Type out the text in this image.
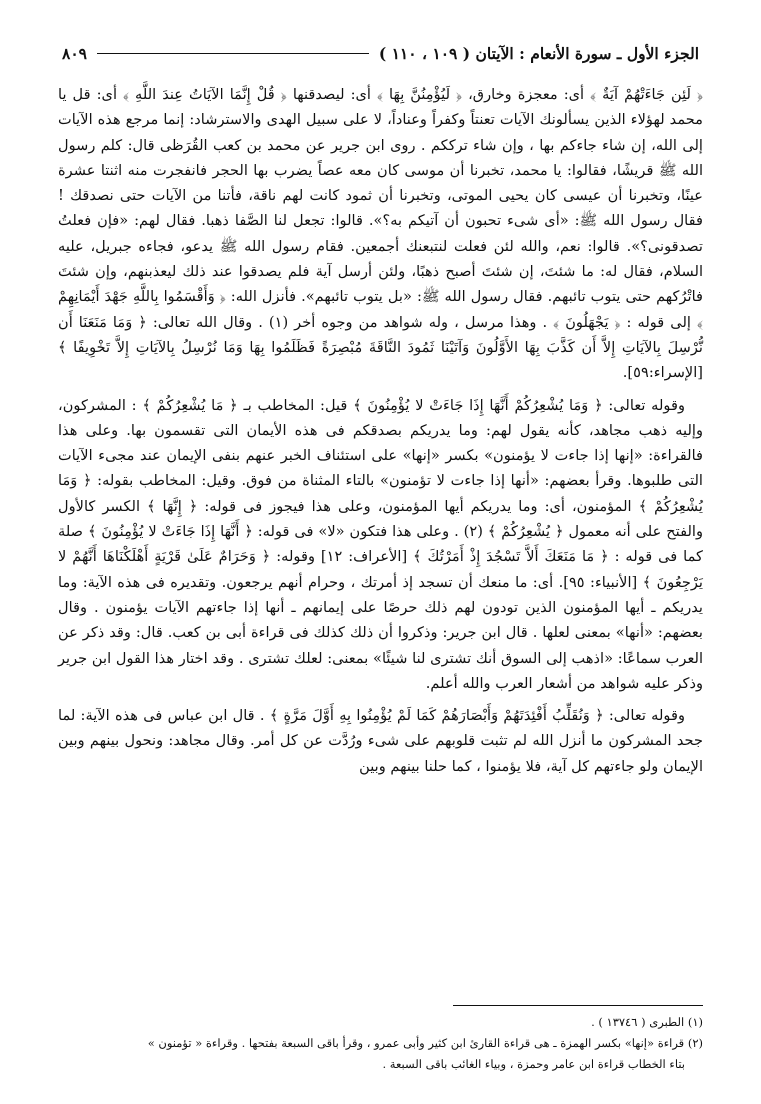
الجزء الأول ـ سورة الأنعام : الآيتان ( ١٠٩ ، ١١٠ )
٨٠٩

﴿ لَئِن جَاءَتْهُمْ آيَةٌ ﴾ أى: معجزة وخارق، ﴿ لَيُؤْمِنُنَّ بِهَا ﴾ أى: ليصدقنها ﴿ قُلْ إِنَّمَا الآيَاتُ عِندَ اللَّهِ ﴾ أى: قل يا محمد لهؤلاء الذين يسألونك الآيات تعنتاً وكفراً وعناداً، لا على سبيل الهدى والاسترشاد: إنما مرجع هذه الآيات إلى الله، إن شاء جاءكم بها ، وإن شاء ترككم . روى ابن جرير عن محمد بن كعب القُرَظى قال: كلم رسول الله ﷺ قريشًا، فقالوا: يا محمد، تخبرنا أن موسى كان معه عصاً يضرب بها الحجر فانفجرت منه اثنتا عشرة عينًا، وتخبرنا أن عيسى كان يحيى الموتى، وتخبرنا أن ثمود كانت لهم ناقة، فأتنا من الآيات حتى نصدقك ! فقال رسول الله ﷺ: «أى شىء تحبون أن آتيكم به؟». قالوا: تجعل لنا الصَّفا ذهبا. فقال لهم: «فإن فعلتُ تصدقونى؟». قالوا: نعم، والله لئن فعلت لنتبعنك أجمعين. فقام رسول الله ﷺ يدعو، فجاءه جبريل، عليه السلام، فقال له: ما شئتَ، إن شئتَ أصبح ذهبًا، ولئن أرسل آية فلم يصدقوا عند ذلك ليعذبنهم، وإن شئتَ فاتْرُكهم حتى يتوب تائبهم. فقال رسول الله ﷺ: «بل يتوب تائبهم». فأنزل الله: ﴿ وَأَقْسَمُوا بِاللَّهِ جَهْدَ أَيْمَانِهِمْ ﴾ إلى قوله : ﴿ يَجْهَلُونَ ﴾ . وهذا مرسل ، وله شواهد من وجوه أخر (١) . وقال الله تعالى: ﴿ وَمَا مَنَعَنَا أَن نُّرْسِلَ بِالآيَاتِ إِلاَّ أَن كَذَّبَ بِهَا الأَوَّلُونَ وَآتَيْنَا ثَمُودَ النَّاقَةَ مُبْصِرَةً فَظَلَمُوا بِهَا وَمَا نُرْسِلُ بِالآيَاتِ إِلاَّ تَخْوِيفًا ﴾ [الإسراء:٥٩].

وقوله تعالى: ﴿ وَمَا يُشْعِرُكُمْ أَنَّهَا إِذَا جَاءَتْ لا يُؤْمِنُونَ ﴾ قيل: المخاطب بـ ﴿ مَا يُشْعِرُكُمْ ﴾ : المشركون، وإليه ذهب مجاهد، كأنه يقول لهم: وما يدريكم بصدقكم فى هذه الأيمان التى تقسمون بها. وعلى هذا فالقراءة: «إنها إذا جاءت لا يؤمنون» بكسر «إنها» على استئناف الخبر عنهم بنفى الإيمان عند مجىء الآيات التى طلبوها. وقرأ بعضهم: «أنها إذا جاءت لا تؤمنون» بالتاء المثناة من فوق. وقيل: المخاطب بقوله: ﴿ وَمَا يُشْعِرُكُمْ ﴾ المؤمنون، أى: وما يدريكم أيها المؤمنون، وعلى هذا فيجوز فى قوله: ﴿ إِنَّهَا ﴾ الكسر كالأول والفتح على أنه معمول ﴿ يُشْعِرُكُمْ ﴾ (٢) . وعلى هذا فتكون «لا» فى قوله: ﴿ أَنَّهَا إِذَا جَاءَتْ لا يُؤْمِنُونَ ﴾ صلة كما فى قوله : ﴿ مَا مَنَعَكَ أَلاَّ تَسْجُدَ إِذْ أَمَرْتُكَ ﴾ [الأعراف: ١٢] وقوله: ﴿ وَحَرَامٌ عَلَىٰ قَرْيَةٍ أَهْلَكْنَاهَا أَنَّهُمْ لا يَرْجِعُونَ ﴾ [الأنبياء: ٩٥]. أى: ما منعك أن تسجد إذ أمرتك ، وحرام أنهم يرجعون. وتقديره فى هذه الآية: وما يدريكم ـ أيها المؤمنون الذين تودون لهم ذلك حرصًا على إيمانهم ـ أنها إذا جاءتهم الآيات يؤمنون . وقال بعضهم: «أنها» بمعنى لعلها . قال ابن جرير: وذكروا أن ذلك كذلك فى قراءة أبى بن كعب. قال: وقد ذكر عن العرب سماعًا: «اذهب إلى السوق أنك تشترى لنا شيئًا» بمعنى: لعلك تشترى . وقد اختار هذا القول ابن جرير وذكر عليه شواهد من أشعار العرب والله أعلم.

وقوله تعالى: ﴿ وَنُقَلِّبُ أَفْئِدَتَهُمْ وَأَبْصَارَهُمْ كَمَا لَمْ يُؤْمِنُوا بِهِ أَوَّلَ مَرَّةٍ ﴾ . قال ابن عباس فى هذه الآية: لما جحد المشركون ما أنزل الله لم تثبت قلوبهم على شىء ورُدَّت عن كل أمر. وقال مجاهد: ونحول بينهم وبين الإيمان ولو جاءتهم كل آية، فلا يؤمنوا ، كما حلنا بينهم وبين

(١) الطبرى ( ١٣٧٤٦ ) .
(٢) قراءة «إنها» بكسر الهمزة ـ هى قراءة القارئ ابن كثير وأبى عمرو ، وقرأ باقى السبعة بفتحها . وقراءة « تؤمنون »
بتاء الخطاب قراءة ابن عامر وحمزة ، وبياء الغائب باقى السبعة .
